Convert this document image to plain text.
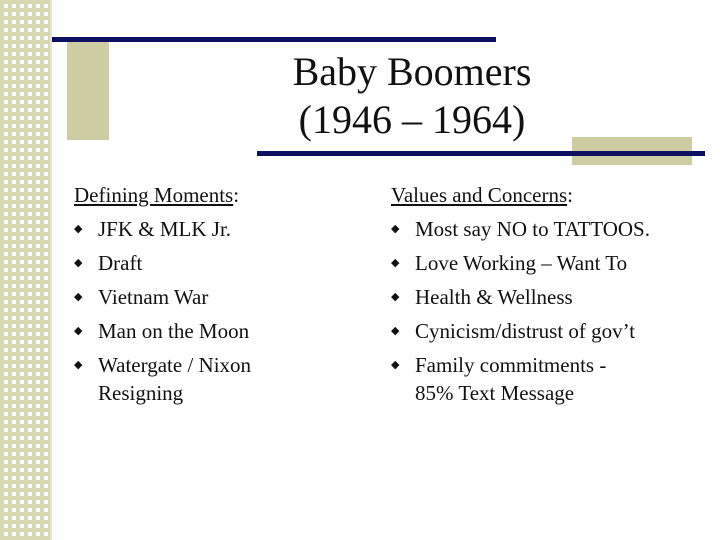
Baby Boomers
(1946 – 1964)
Defining Moments:
◆ JFK & MLK Jr.
◆ Draft
◆ Vietnam War
◆ Man on the Moon
◆ Watergate / Nixon
Resigning
Values and Concerns:
◆ Most say NO to TATTOOS.
◆ Love Working – Want To
◆ Health & Wellness
◆ Cynicism/distrust of gov’t
◆ Family commitments -
85% Text Message
